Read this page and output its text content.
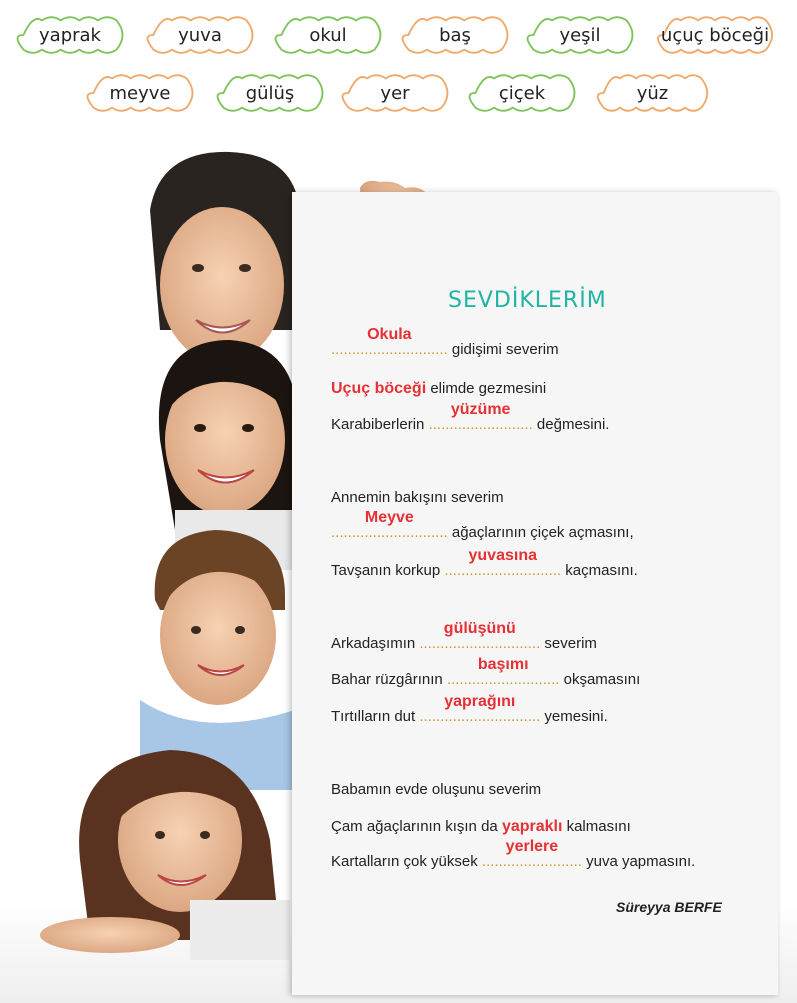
yaprak	yuva	okul	baş	yeşil	uçuç böceği
meyve	gülüş	yer	çiçek	yüz
SEVDİKLERİM
............................
Okula
gidişimi severim
Uçuç böceği elimde gezmesini
Karabiberlerin .........................
yüzüme
değmesini.
Annemin bakışını severim
............................
Meyve
ağaçlarının çiçek açmasını,
Tavşanın korkup ............................
yuvasına
kaçmasını.
Arkadaşımın .............................
gülüşünü
severim
Bahar rüzgârının ...........................
başımı
okşamasını
Tırtılların dut .............................
yaprağını
yemesini.
Babamın evde oluşunu severim
Çam ağaçlarının kışın da yapraklı kalmasını
Kartalların çok yüksek ........................
yerlere
yuva yapmasını.
Süreyya BERFE
